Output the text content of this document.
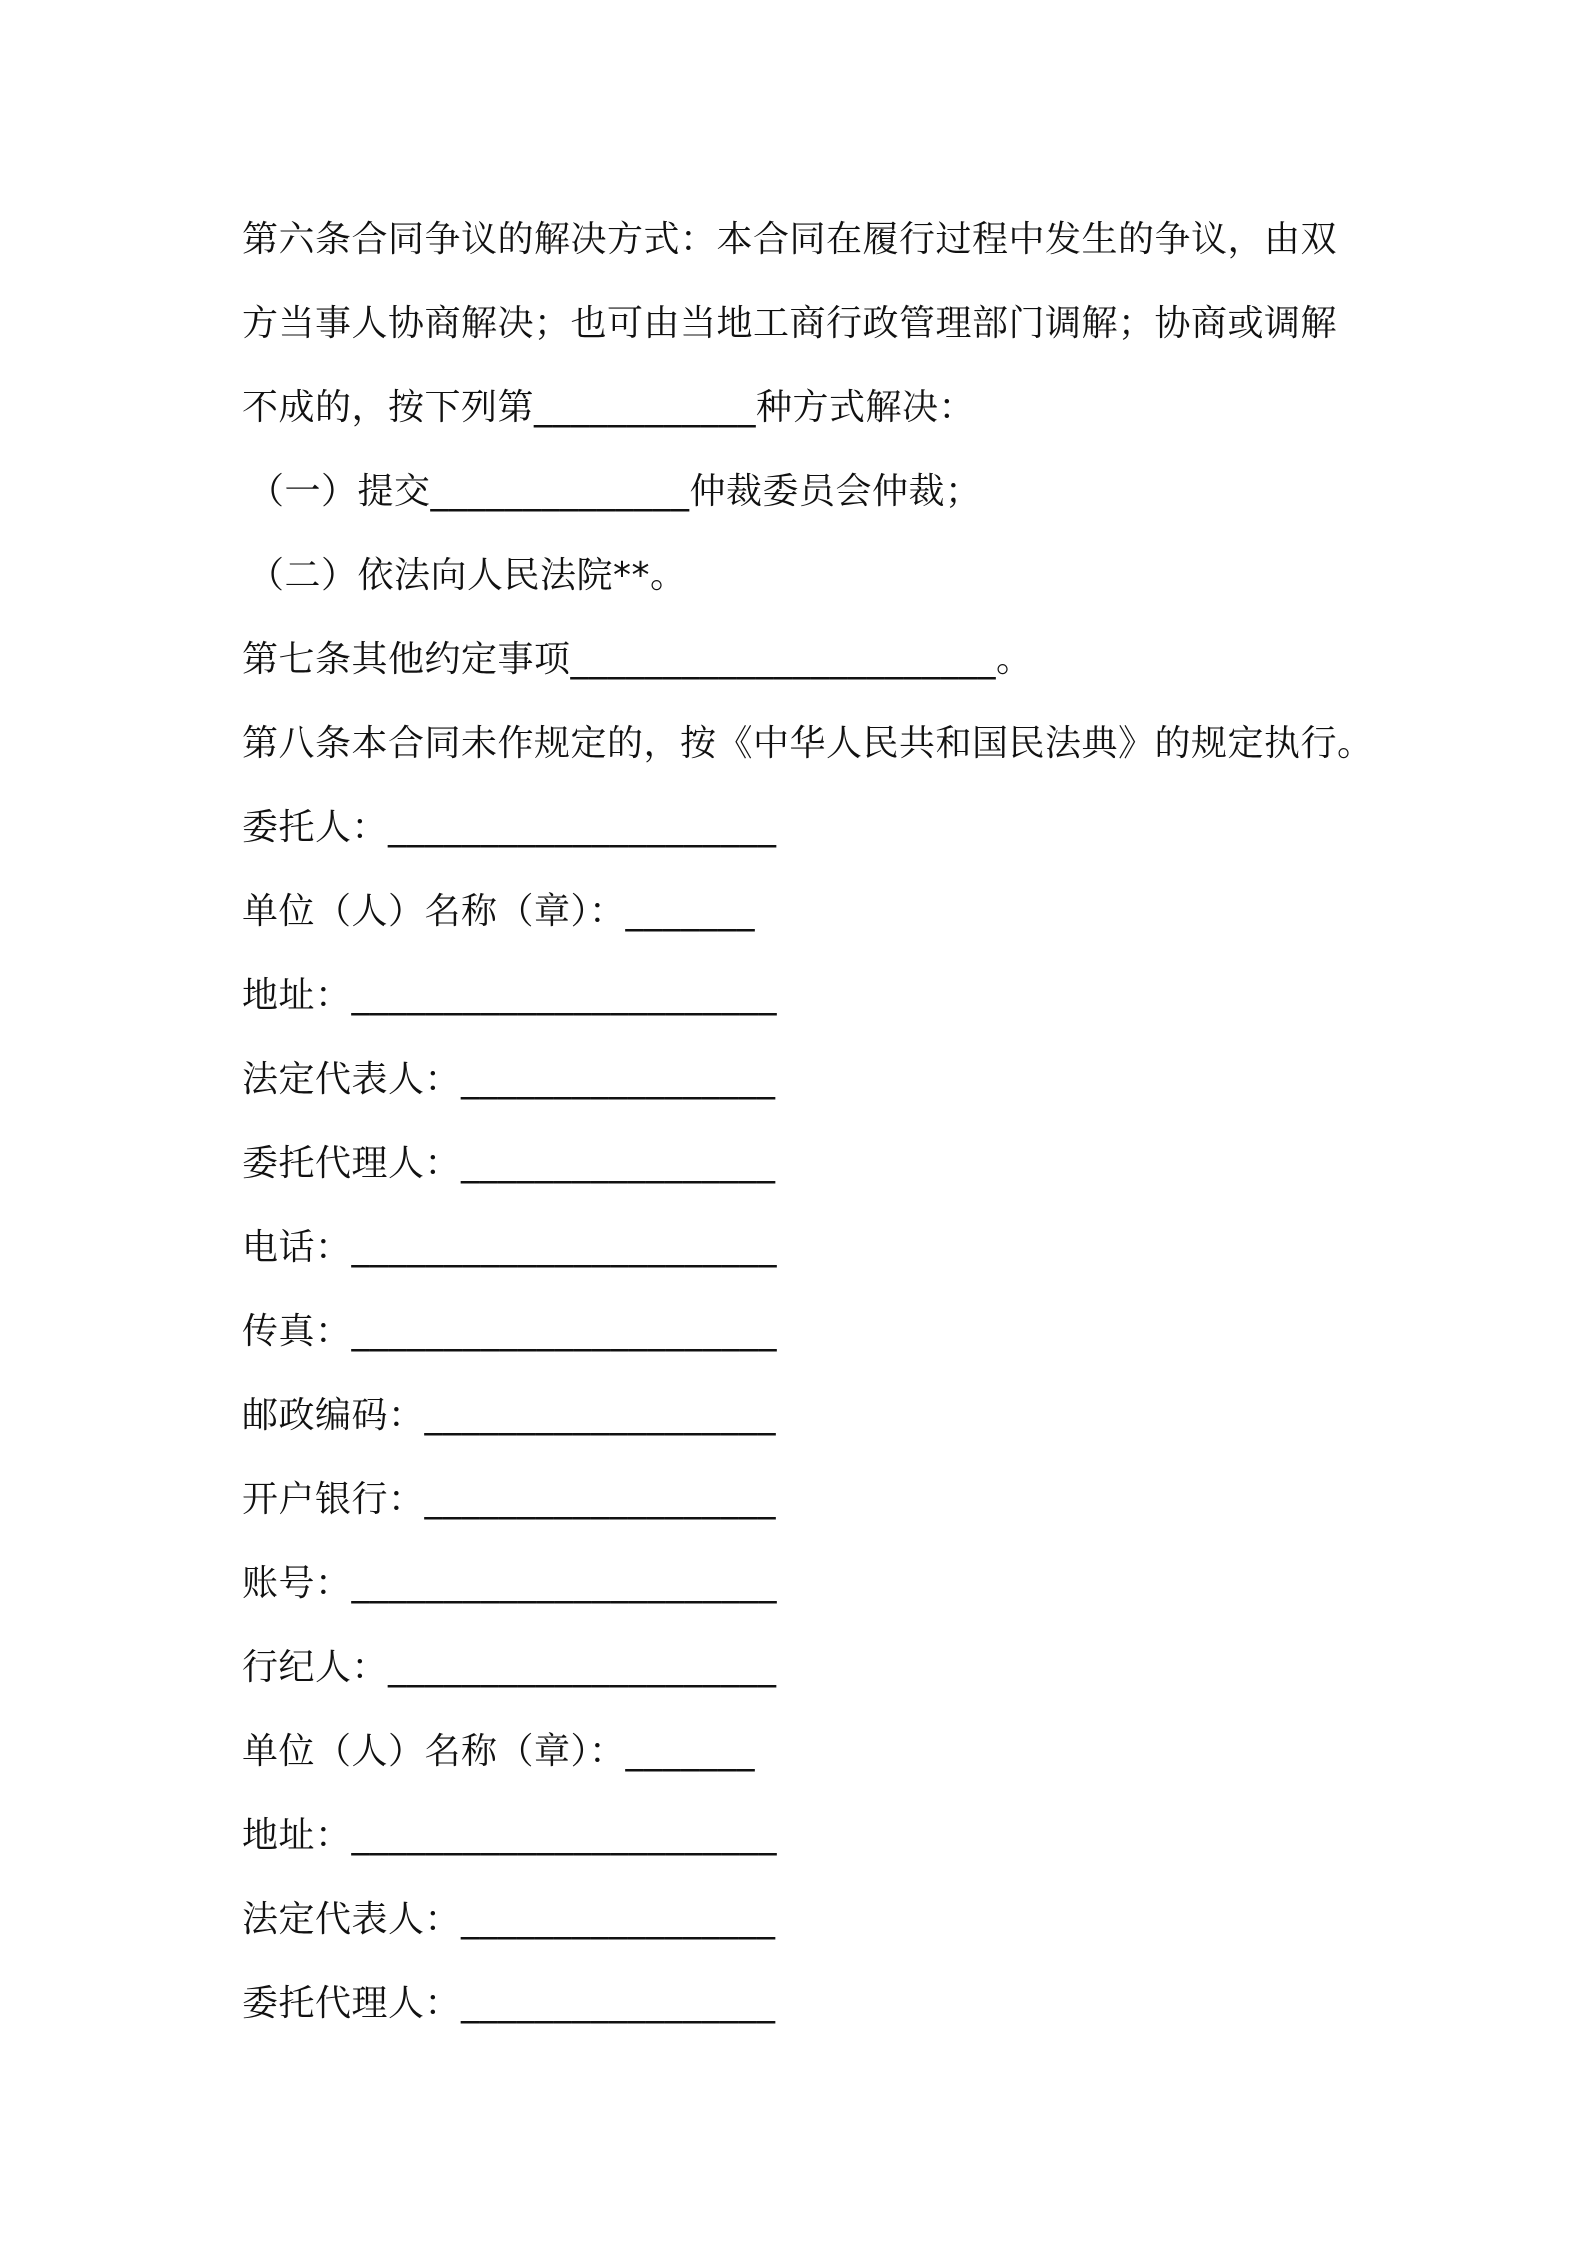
第六条合同争议的解决方式：本合同在履行过程中发生的争议，由双
方当事人协商解决；也可由当地工商行政管理部门调解；协商或调解
不成的，按下列第____________种方式解决：
（一）提交______________仲裁委员会仲裁；
（二）依法向人民法院**。
第七条其他约定事项_______________________。
第八条本合同未作规定的，按《中华人民共和国民法典》的规定执行。
委托人：_____________________
单位（人）名称（章）：_______
地址：_______________________
法定代表人：_________________
委托代理人：_________________
电话：_______________________
传真：_______________________
邮政编码：___________________
开户银行：___________________
账号：_______________________
行纪人：_____________________
单位（人）名称（章）：_______
地址：_______________________
法定代表人：_________________
委托代理人：_________________
